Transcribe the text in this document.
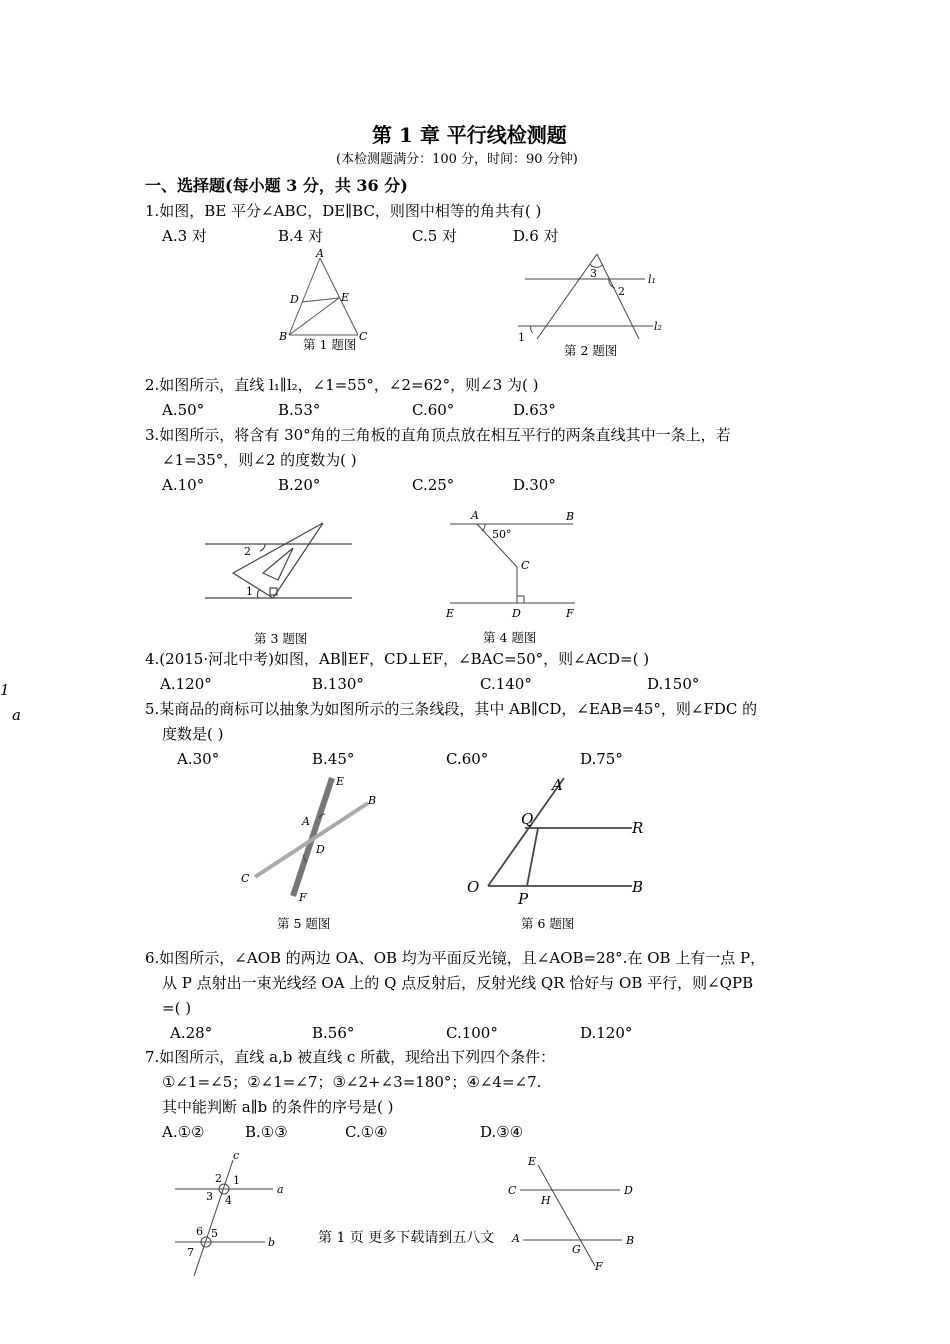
第 1 章 平行线检测题
(本检测题满分：100 分，时间：90 分钟)
一、选择题(每小题 3 分，共 36 分)
1.如图，BE 平分∠ABC，DE∥BC，则图中相等的角共有( )
A.3 对	B.4 对	C.5 对	D.6 对
A
D	E
B	C
第 1 题图
3
2
1
l₁
l₂
第 2 题图
2.如图所示，直线 l₁∥l₂，∠1=55°，∠2=62°，则∠3 为( )
A.50°	B.53°	C.60°	D.63°
3.如图所示，将含有 30°角的三角板的直角顶点放在相互平行的两条直线其中一条上，若
∠1=35°，则∠2 的度数为( )
A.10°	B.20°	C.25°	D.30°
2
1
第 3 题图
A	B
50°
C
E	D	F
第 4 题图
4.(2015·河北中考)如图，AB∥EF，CD⊥EF，∠BAC=50°，则∠ACD=( )
A.120°	B.130°	C.140°	D.150°
1
a	5.某商品的商标可以抽象为如图所示的三条线段，其中 AB∥CD，∠EAB=45°，则∠FDC 的
度数是( )
A.30°	B.45°	C.60°	D.75°
E
B
A
D
C
F
第 5 题图
A
Q	R
O
P
B
第 6 题图
6.如图所示，∠AOB 的两边 OA、OB 均为平面反光镜，且∠AOB=28°.在 OB 上有一点 P，
从 P 点射出一束光线经 OA 上的 Q 点反射后，反射光线 QR 恰好与 OB 平行，则∠QPB
=( )
A.28°	B.56°	C.100°	D.120°
7.如图所示，直线 a,b 被直线 c 所截，现给出下列四个条件：
①∠1=∠5；②∠1=∠7；③∠2+∠3=180°；④∠4=∠7.
其中能判断 a∥b 的条件的序号是( )
A.①②	B.①③	C.①④	D.③④
c
2 1
3 4
a
6 5
7
b	第 1 页 更多下载请到五八文
E
C	D
H
A
G
B
F
